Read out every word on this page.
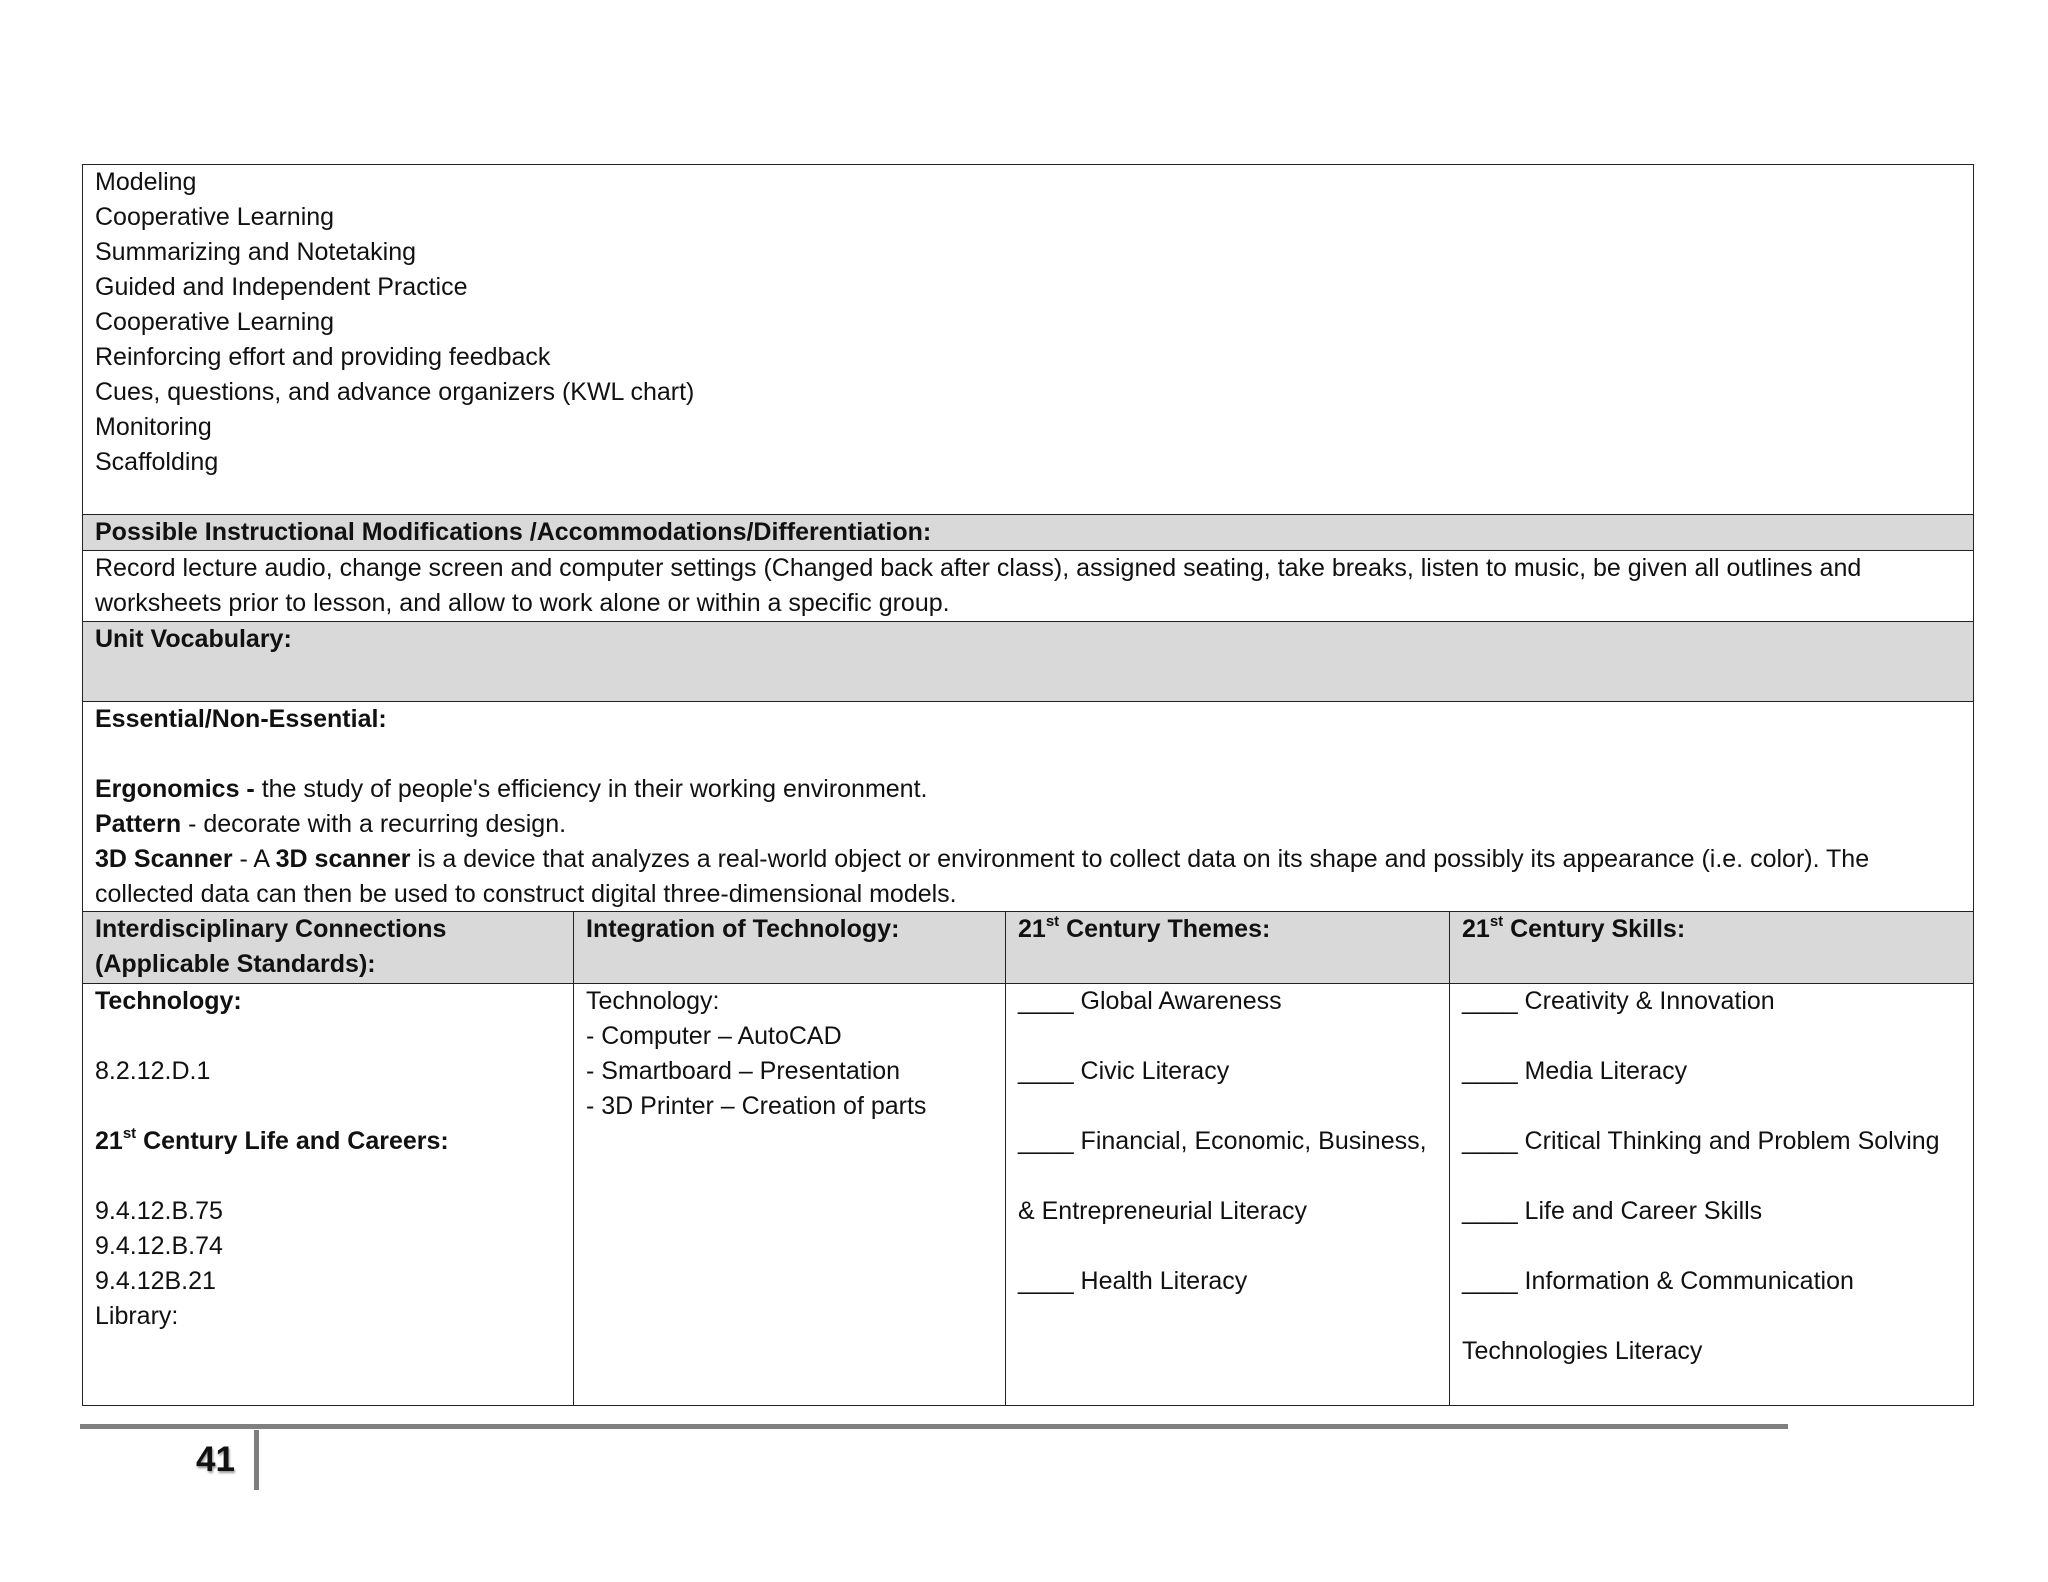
Modeling
Cooperative Learning
Summarizing and Notetaking
Guided and Independent Practice
Cooperative Learning
Reinforcing effort and providing feedback
Cues, questions, and advance organizers (KWL chart)
Monitoring
Scaffolding
Possible Instructional Modifications /Accommodations/Differentiation:
Record lecture audio, change screen and computer settings (Changed back after class), assigned seating, take breaks, listen to music, be given all outlines and
worksheets prior to lesson, and allow to work alone or within a specific group.
Unit Vocabulary:
Essential/Non-Essential:
Ergonomics - the study of people's efficiency in their working environment.
Pattern - decorate with a recurring design.
3D Scanner - A 3D scanner is a device that analyzes a real-world object or environment to collect data on its shape and possibly its appearance (i.e. color). The
collected data can then be used to construct digital three-dimensional models.
Interdisciplinary Connections
(Applicable Standards):
Integration of Technology:	21st Century Themes:	21st Century Skills:
Technology:
8.2.12.D.1
21st Century Life and Careers:
9.4.12.B.75
9.4.12.B.74
9.4.12B.21
Library:
Technology:
- Computer – AutoCAD
- Smartboard – Presentation
- 3D Printer – Creation of parts
____ Global Awareness
____ Civic Literacy
____ Financial, Economic, Business,
& Entrepreneurial Literacy
____ Health Literacy
____ Creativity & Innovation
____ Media Literacy
____ Critical Thinking and Problem Solving
____ Life and Career Skills
____ Information & Communication
Technologies Literacy
41
